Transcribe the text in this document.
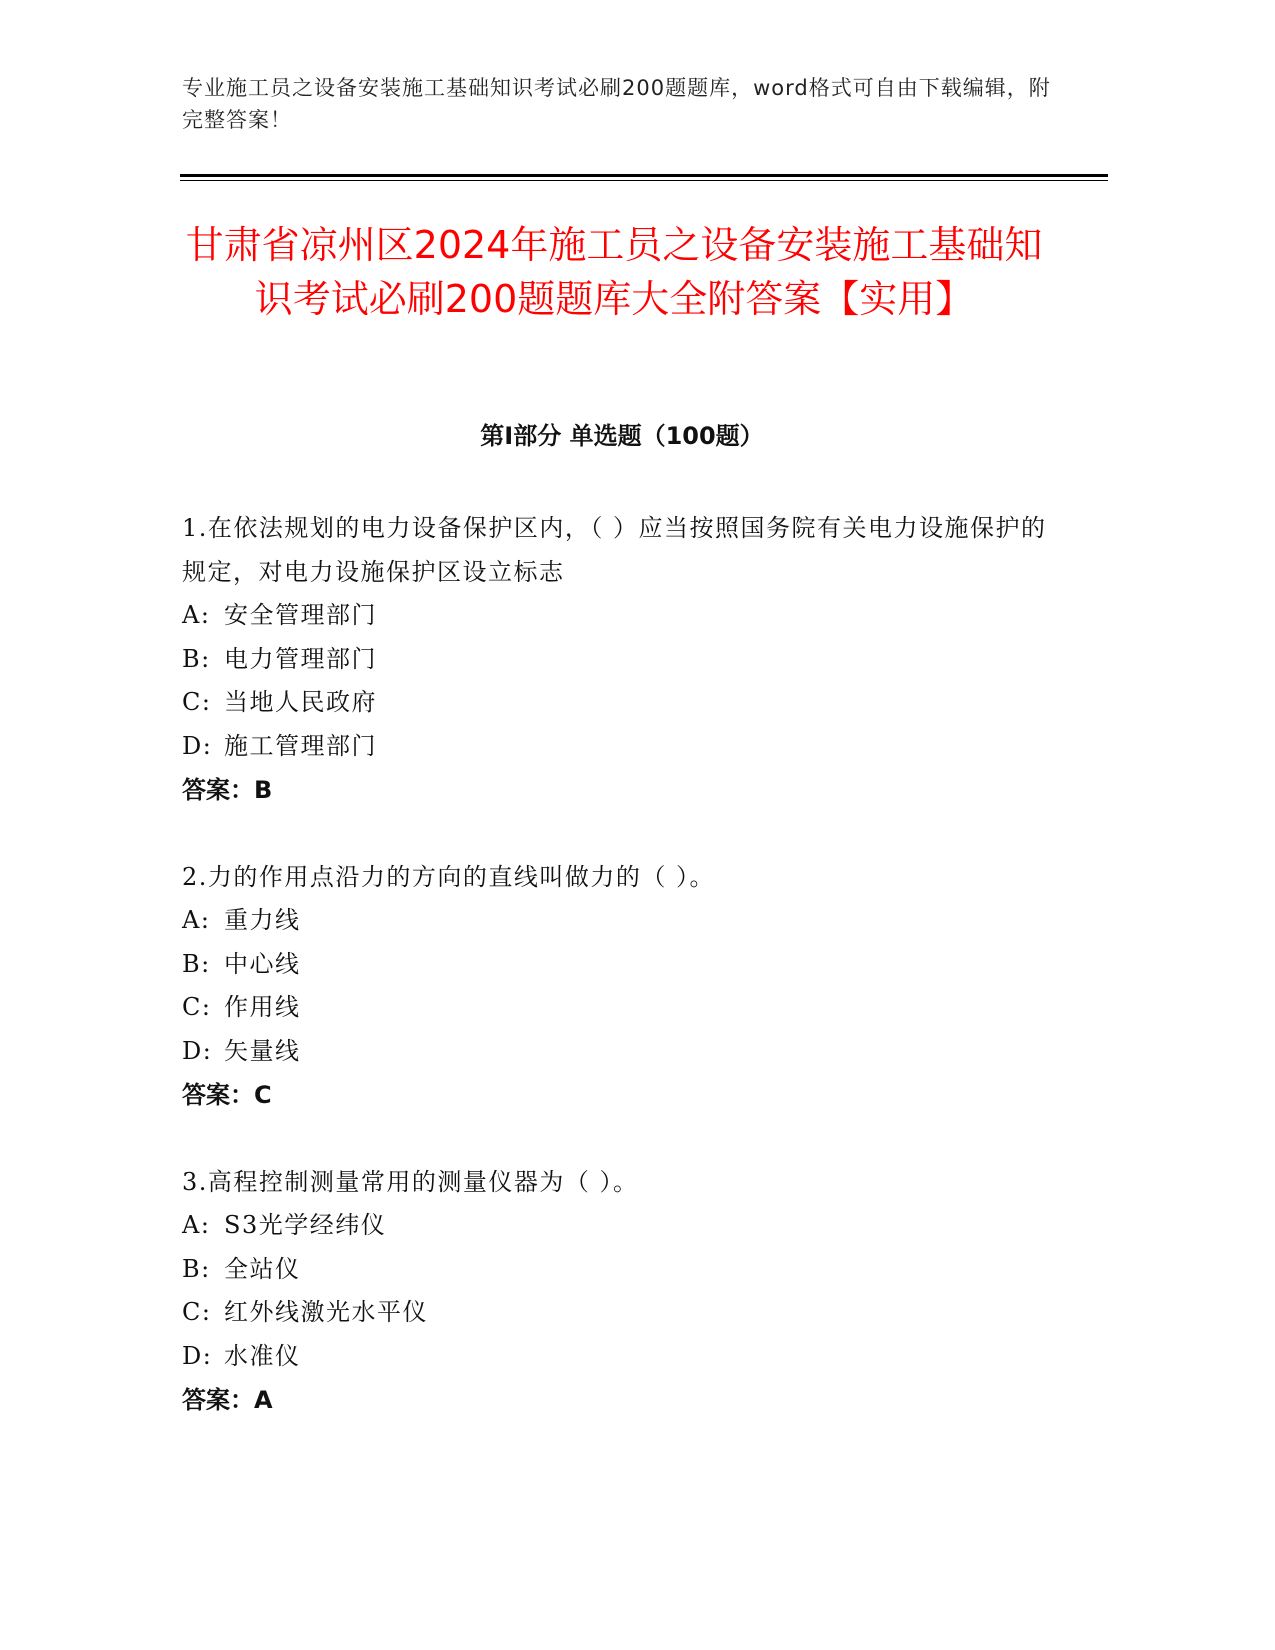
专业施工员之设备安装施工基础知识考试必刷200题题库，word格式可自由下载编辑，附完整答案！
甘肃省凉州区2024年施工员之设备安装施工基础知识考试必刷200题题库大全附答案【实用】
第Ⅰ部分 单选题（100题）
1.在依法规划的电力设备保护区内，（ ）应当按照国务院有关电力设施保护的规定，对电力设施保护区设立标志
A: 安全管理部门
B: 电力管理部门
C: 当地人民政府
D: 施工管理部门
答案：B
2.力的作用点沿力的方向的直线叫做力的（ ）。
A: 重力线
B: 中心线
C: 作用线
D: 矢量线
答案：C
3.高程控制测量常用的测量仪器为（ ）。
A: S3光学经纬仪
B: 全站仪
C: 红外线激光水平仪
D: 水准仪
答案：A
